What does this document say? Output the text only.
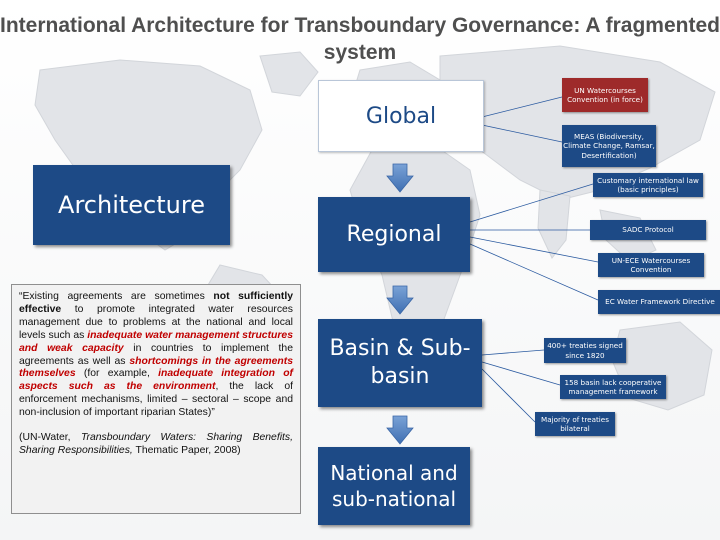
International Architecture for Transboundary Governance: A fragmented system
Architecture
Global
Regional
Basin & Sub-basin
National and sub-national
UN Watercourses Convention (in force)
MEAS (Biodiversity, Climate Change, Ramsar, Desertification)
Customary international law (basic principles)
SADC Protocol
UN-ECE Watercourses Convention
EC Water Framework Directive
400+ treaties signed since 1820
158 basin lack cooperative management framework
Majority of treaties bilateral

“Existing agreements are sometimes not sufficiently effective to promote integrated water resources management due to problems at the national and local levels such as inadequate water management structures and weak capacity in countries to implement the agreements as well as shortcomings in the agreements themselves (for example, inadequate integration of aspects such as the environment, the lack of enforcement mechanisms, limited – sectoral – scope and non-inclusion of important riparian States)”

(UN-Water, Transboundary Waters: Sharing Benefits, Sharing Responsibilities, Thematic Paper, 2008)
